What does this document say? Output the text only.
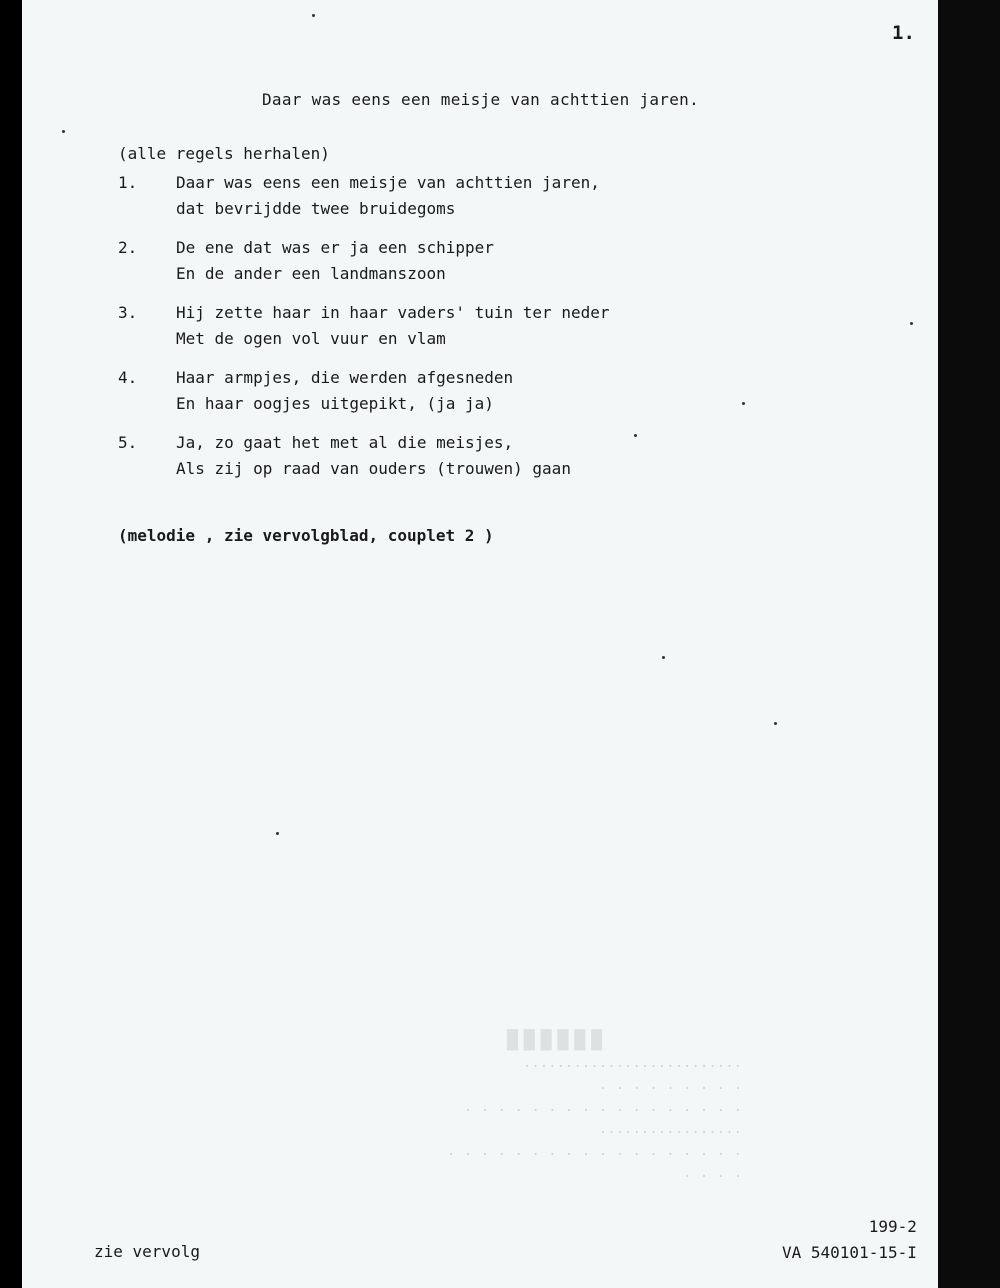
1.
Daar was eens een meisje van achttien jaren.
(alle regels herhalen)
1. Daar was eens een meisje van achttien jaren,
dat bevrijdde twee bruidegoms
2. De ene dat was er ja een schipper
En de ander een landmanszoon
3. Hij zette haar in haar vaders' tuin ter neder
Met de ogen vol vuur en vlam
4. Haar armpjes, die werden afgesneden
En haar oogjes uitgepikt, (ja ja)
5. Ja, zo gaat het met al die meisjes,
Als zij op raad van ouders (trouwen) gaan
(melodie , zie vervolgblad, couplet 2 )
██████
··························
· · · · · · · · ·
· · · · · · · · · · · · · · · · ·
·················
· · · · · · · · · · · · · · · · · ·
· · · ·
zie vervolg
199-2
VA 540101-15-I
